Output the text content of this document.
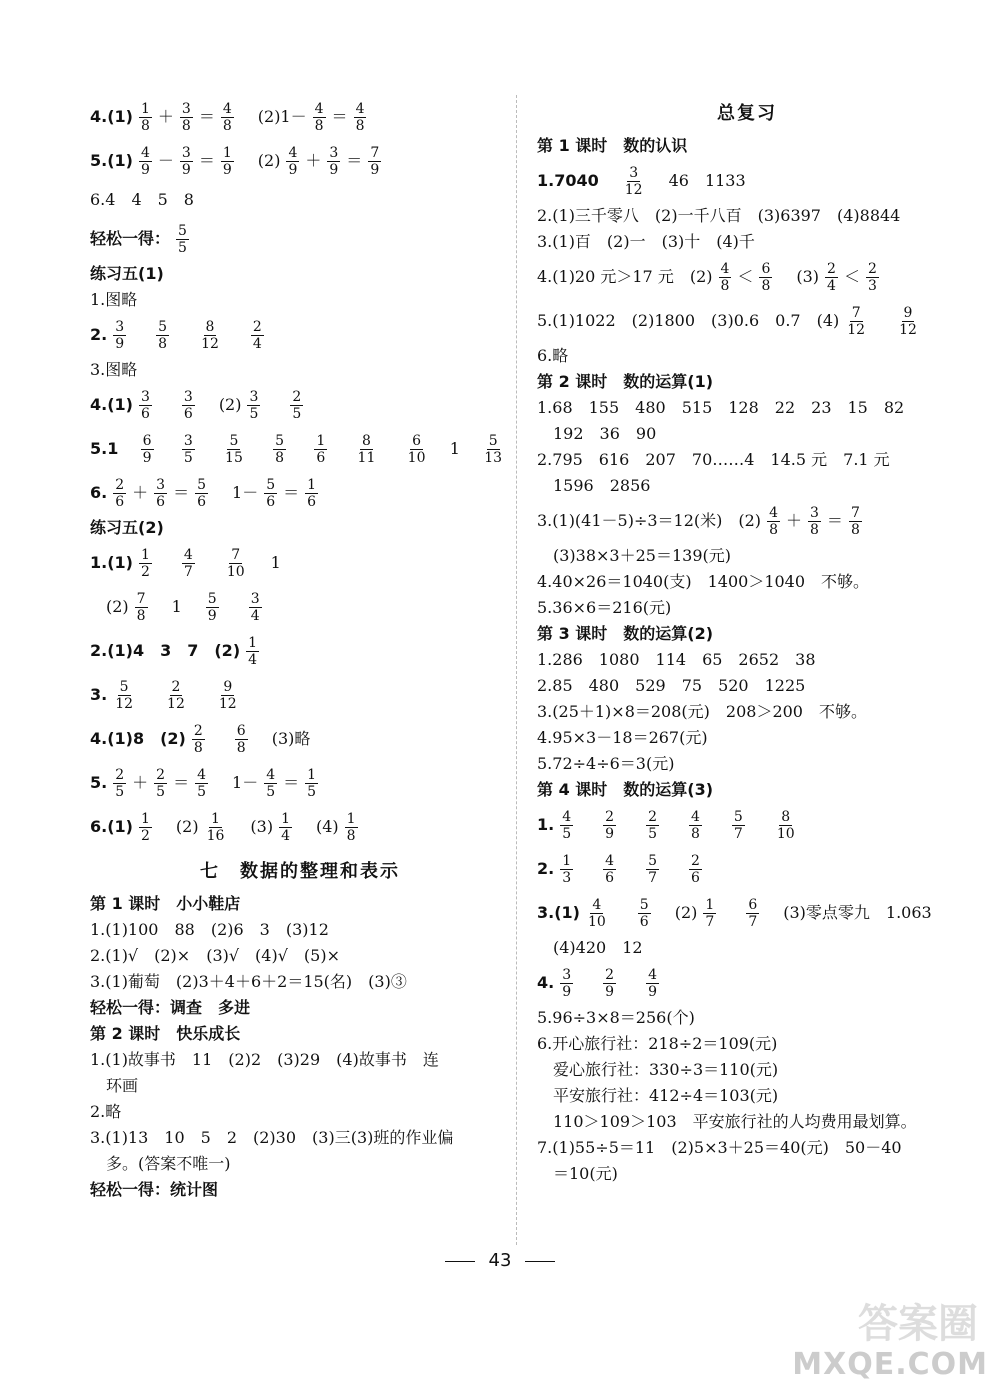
$4.(1) \frac{1}{8} + \frac{3}{8} = \frac{4}{8} (2)1- \frac{4}{8} = \frac{4}{8}$
$5.(1) \frac{4}{9} - \frac{3}{9} = \frac{1}{9} (2) \frac{4}{9} + \frac{3}{9} = \frac{7}{9}$
6.4　4　5　8
轻松一得： $\frac{5}{5}$
练习五(1)
1.图略
2. $\frac{3}{9} \frac{5}{8} \frac{8}{12} \frac{2}{4}$
3.图略
$4.(1) \frac{3}{6} \frac{3}{6} (2) \frac{3}{5} \frac{2}{5}$
$5.1 \frac{6}{9} \frac{3}{5} \frac{5}{15} \frac{5}{8} \frac{1}{6} \frac{8}{11} \frac{6}{10} 1 \frac{5}{13}$
6. $\frac{2}{6} + \frac{3}{6} = \frac{5}{6} 1- \frac{5}{6} = \frac{1}{6}$
练习五(2)
$1.(1) \frac{1}{2} \frac{4}{7} \frac{7}{10} 1$
$(2) \frac{7}{8} 1 \frac{5}{9} \frac{3}{4}$
2.(1)4　3　7　$(2) \frac{1}{4}$
3. $\frac{5}{12} \frac{2}{12} \frac{9}{12}$
4.(1)8　$(2) \frac{2}{8} \frac{6}{8} (3)$略
5. $\frac{2}{5} + \frac{2}{5} = \frac{4}{5} 1- \frac{4}{5} = \frac{1}{5}$
$6.(1) \frac{1}{2} (2) \frac{1}{16} (3) \frac{1}{4} (4) \frac{1}{8}$
七　数据的整理和表示
第 1 课时　小小鞋店
1.(1)100　88　(2)6　3　(3)12
2.(1)√　(2)×　(3)√　(4)√　(5)×
3.(1)葡萄　(2)3＋4＋6＋2＝15(名)　(3)③
轻松一得：调查　多进
第 2 课时　快乐成长
1.(1)故事书　11　(2)2　(3)29　(4)故事书　连
环画
2.略
3.(1)13　10　5　2　(2)30　(3)三(3)班的作业偏
多。(答案不唯一)
轻松一得：统计图
总复习
第 1 课时　数的认识
$1.7040 \frac{3}{12} 46$　1133
2.(1)三千零八　(2)一千八百　(3)6397　(4)8844
3.(1)百　(2)一　(3)十　(4)千
4.(1)20 元＞17 元　$(2) \frac{4}{8} < \frac{6}{8} (3) \frac{2}{4} < \frac{2}{3}$
5.(1)1022　(2)1800　(3)0.6　0.7　$(4) \frac{7}{12} \frac{9}{12}$
6.略
第 2 课时　数的运算(1)
1.68　155　480　515　128　22　23　15　82
192　36　90
2.795　616　207　70……4　14.5 元　7.1 元
1596　2856
3.(1)(41－5)÷3＝12(米)　$(2) \frac{4}{8} + \frac{3}{8} = \frac{7}{8}$
(3)38×3＋25＝139(元)
4.40×26＝1040(支)　1400＞1040　不够。
5.36×6＝216(元)
第 3 课时　数的运算(2)
1.286　1080　114　65　2652　38
2.85　480　529　75　520　1225
3.(25＋1)×8＝208(元)　208＞200　不够。
4.95×3－18＝267(元)
5.72÷4÷6＝3(元)
第 4 课时　数的运算(3)
1. $\frac{4}{5} \frac{2}{9} \frac{2}{5} \frac{4}{8} \frac{5}{7} \frac{8}{10}$
2. $\frac{1}{3} \frac{4}{6} \frac{5}{7} \frac{2}{6}$
$3.(1) \frac{4}{10} \frac{5}{6} (2) \frac{1}{7} \frac{6}{7} (3)$零点零九　1.063
(4)420　12
4. $\frac{3}{9} \frac{2}{9} \frac{4}{9}$
5.96÷3×8＝256(个)
6.开心旅行社：218÷2＝109(元)
爱心旅行社：330÷3＝110(元)
平安旅行社：412÷4＝103(元)
110＞109＞103　平安旅行社的人均费用最划算。
7.(1)55÷5＝11　(2)5×3＋25＝40(元)　50－40
＝10(元)
43
答案圈
MXQE.COM
